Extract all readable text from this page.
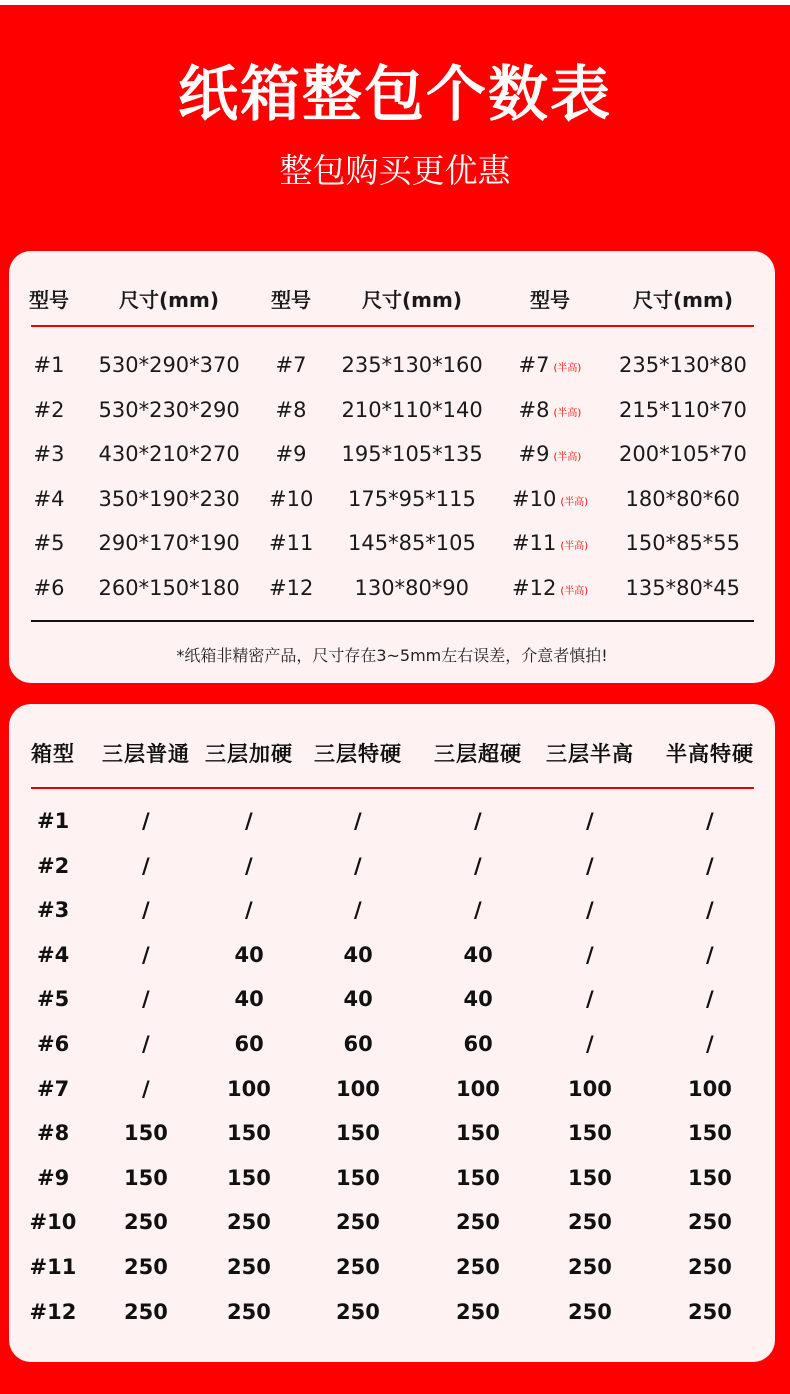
纸箱整包个数表
整包购买更优惠
*纸箱非精密产品，尺寸存在3~5mm左右误差，介意者慎拍!
型号	尺寸(mm)	型号	尺寸(mm)	型号	尺寸(mm)
#1 530*290*370 #7 235*130*160 #7 (半高) 235*130*80
#2 530*230*290 #8 210*110*140 #8 (半高) 215*110*70
#3 430*210*270 #9 195*105*135 #9 (半高) 200*105*70
#4 350*190*230 #10 175*95*115 #10 (半高) 180*80*60
#5 290*170*190 #11 145*85*105 #11 (半高) 150*85*55
#6 260*150*180 #12 130*80*90 #12 (半高) 135*80*45
箱型 三层普通 三层加硬 三层特硬 三层超硬 三层半高 半高特硬
#1	/	/	/	/	/	/
#2	/	/	/	/	/	/
#3	/	/	/	/	/	/
#4	/	40	40	40	/	/
#5	/	40	40	40	/	/
#6	/	60	60	60	/	/
#7	/	100	100	100	100	100
#8	150	150	150	150	150	150
#9	150	150	150	150	150	150
#10 250	250	250	250	250	250
#11 250	250	250	250	250	250
#12 250	250	250	250	250	250
